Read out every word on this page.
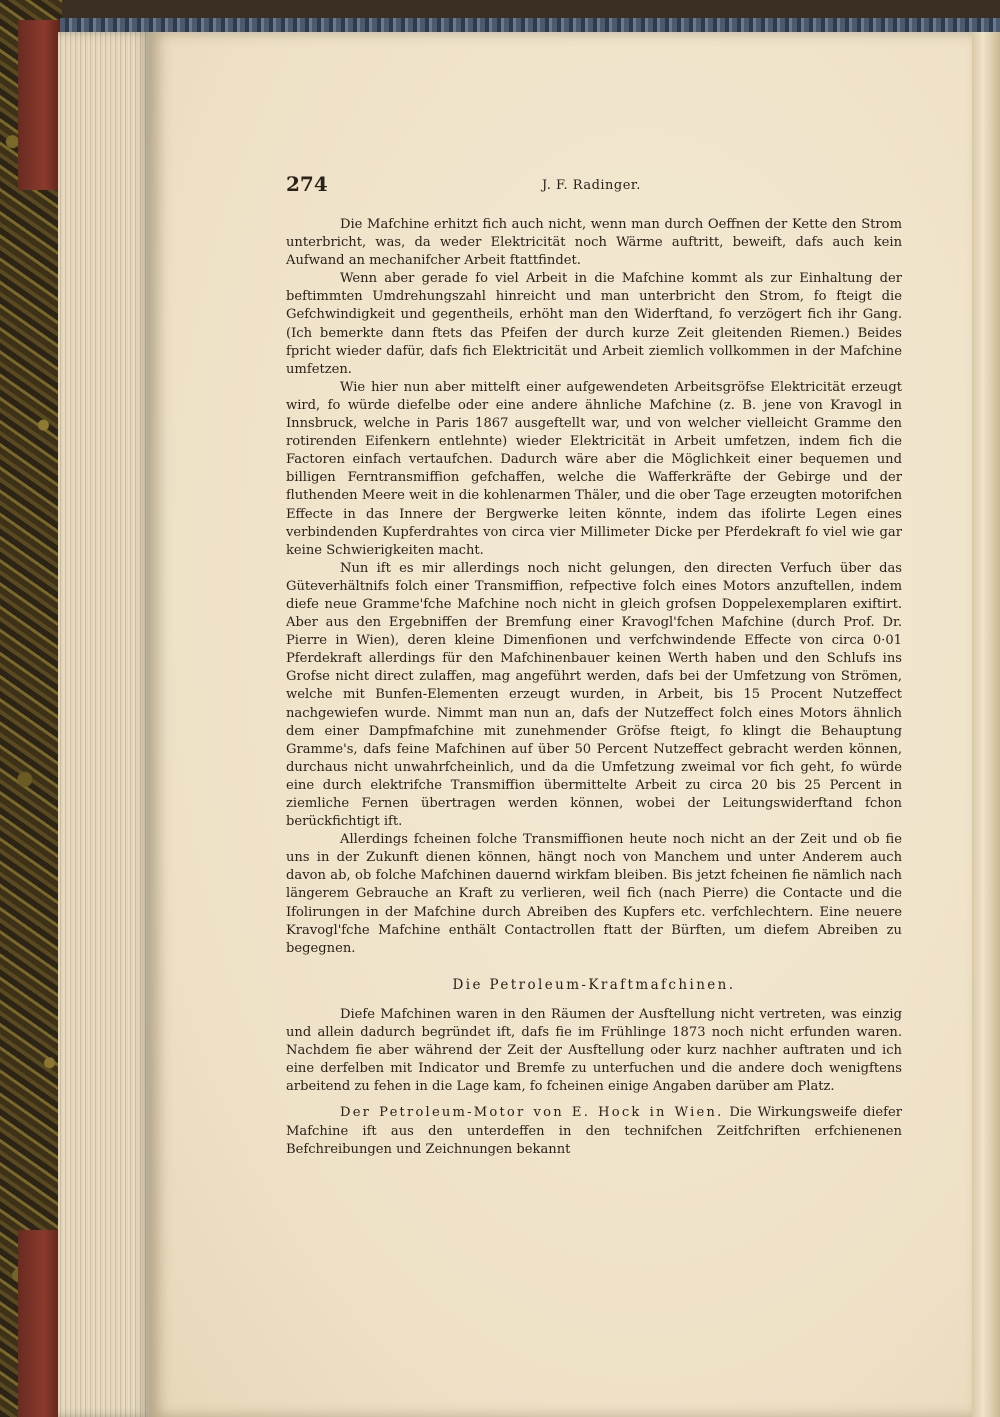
274	J. F. Radinger.

Die Mafchine erhitzt fich auch nicht, wenn man durch Oeffnen der Kette den Strom unterbricht, was, da weder Elektricität noch Wärme auftritt, beweift, dafs auch kein Aufwand an mechanifcher Arbeit ftattfindet.

Wenn aber gerade fo viel Arbeit in die Mafchine kommt als zur Einhaltung der beftimmten Umdrehungszahl hinreicht und man unterbricht den Strom, fo fteigt die Gefchwindigkeit und gegentheils, erhöht man den Widerftand, fo verzögert fich ihr Gang. (Ich bemerkte dann ftets das Pfeifen der durch kurze Zeit gleitenden Riemen.) Beides fpricht wieder dafür, dafs fich Elektricität und Arbeit ziemlich vollkommen in der Mafchine umfetzen.

Wie hier nun aber mittelft einer aufgewendeten Arbeitsgröfse Elektricität erzeugt wird, fo würde diefelbe oder eine andere ähnliche Mafchine (z. B. jene von Kravogl in Innsbruck, welche in Paris 1867 ausgeftellt war, und von welcher vielleicht Gramme den rotirenden Eifenkern entlehnte) wieder Elektricität in Arbeit umfetzen, indem fich die Factoren einfach vertaufchen. Dadurch wäre aber die Möglichkeit einer bequemen und billigen Ferntransmiffion gefchaffen, welche die Wafferkräfte der Gebirge und der fluthenden Meere weit in die kohlenarmen Thäler, und die ober Tage erzeugten motorifchen Effecte in das Innere der Bergwerke leiten könnte, indem das ifolirte Legen eines verbindenden Kupferdrahtes von circa vier Millimeter Dicke per Pferdekraft fo viel wie gar keine Schwierigkeiten macht.

Nun ift es mir allerdings noch nicht gelungen, den directen Verfuch über das Güteverhältnifs folch einer Transmiffion, refpective folch eines Motors anzuftellen, indem diefe neue Gramme'fche Mafchine noch nicht in gleich grofsen Doppelexemplaren exiftirt. Aber aus den Ergebniffen der Bremfung einer Kravogl'fchen Mafchine (durch Prof. Dr. Pierre in Wien), deren kleine Dimenfionen und verfchwindende Effecte von circa 0·01 Pferdekraft allerdings für den Mafchinenbauer keinen Werth haben und den Schlufs ins Grofse nicht direct zulaffen, mag angeführt werden, dafs bei der Umfetzung von Strömen, welche mit Bunfen-Elementen erzeugt wurden, in Arbeit, bis 15 Procent Nutzeffect nachgewiefen wurde. Nimmt man nun an, dafs der Nutzeffect folch eines Motors ähnlich dem einer Dampfmafchine mit zunehmender Gröfse fteigt, fo klingt die Behauptung Gramme's, dafs feine Mafchinen auf über 50 Percent Nutzeffect gebracht werden können, durchaus nicht unwahrfcheinlich, und da die Umfetzung zweimal vor fich geht, fo würde eine durch elektrifche Transmiffion übermittelte Arbeit zu circa 20 bis 25 Percent in ziemliche Fernen übertragen werden können, wobei der Leitungswiderftand fchon berückfichtigt ift.

Allerdings fcheinen folche Transmiffionen heute noch nicht an der Zeit und ob fie uns in der Zukunft dienen können, hängt noch von Manchem und unter Anderem auch davon ab, ob folche Mafchinen dauernd wirkfam bleiben. Bis jetzt fcheinen fie nämlich nach längerem Gebrauche an Kraft zu verlieren, weil fich (nach Pierre) die Contacte und die Ifolirungen in der Mafchine durch Abreiben des Kupfers etc. verfchlechtern. Eine neuere Kravogl'fche Mafchine enthält Contactrollen ftatt der Bürften, um diefem Abreiben zu begegnen.

Die Petroleum-Kraftmafchinen.

Diefe Mafchinen waren in den Räumen der Ausftellung nicht vertreten, was einzig und allein dadurch begründet ift, dafs fie im Frühlinge 1873 noch nicht erfunden waren. Nachdem fie aber während der Zeit der Ausftellung oder kurz nachher auftraten und ich eine derfelben mit Indicator und Bremfe zu unterfuchen und die andere doch wenigftens arbeitend zu fehen in die Lage kam, fo fcheinen einige Angaben darüber am Platz.

Der Petroleum-Motor von E. Hock in Wien. Die Wirkungsweife diefer Mafchine ift aus den unterdeffen in den technifchen Zeitfchriften erfchienenen Befchreibungen und Zeichnungen bekannt
